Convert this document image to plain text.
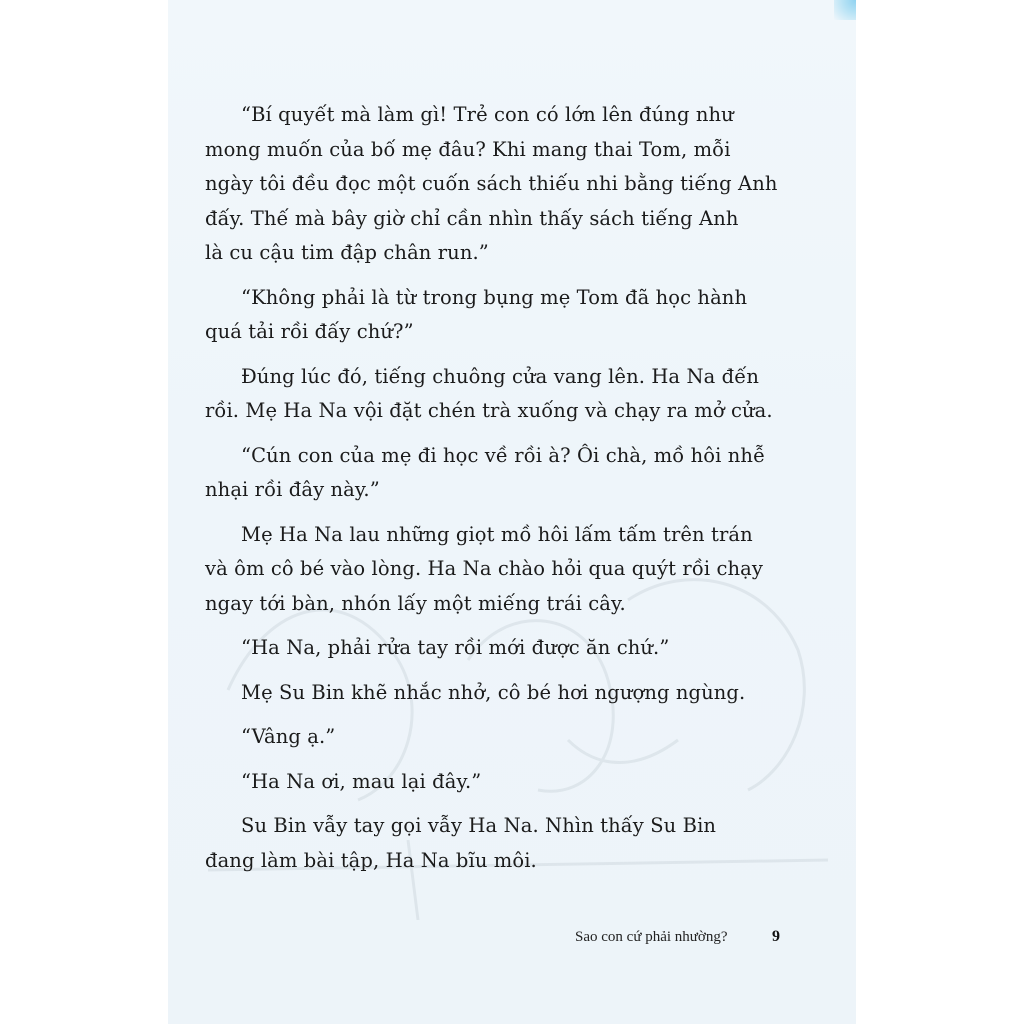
“Bí quyết mà làm gì! Trẻ con có lớn lên đúng như
mong muốn của bố mẹ đâu? Khi mang thai Tom, mỗi
ngày tôi đều đọc một cuốn sách thiếu nhi bằng tiếng Anh
đấy. Thế mà bây giờ chỉ cần nhìn thấy sách tiếng Anh
là cu cậu tim đập chân run.”

“Không phải là từ trong bụng mẹ Tom đã học hành
quá tải rồi đấy chứ?”

Đúng lúc đó, tiếng chuông cửa vang lên. Ha Na đến
rồi. Mẹ Ha Na vội đặt chén trà xuống và chạy ra mở cửa.

“Cún con của mẹ đi học về rồi à? Ôi chà, mồ hôi nhễ
nhại rồi đây này.”

Mẹ Ha Na lau những giọt mồ hôi lấm tấm trên trán
và ôm cô bé vào lòng. Ha Na chào hỏi qua quýt rồi chạy
ngay tới bàn, nhón lấy một miếng trái cây.

“Ha Na, phải rửa tay rồi mới được ăn chứ.”

Mẹ Su Bin khẽ nhắc nhở, cô bé hơi ngượng ngùng.

“Vâng ạ.”

“Ha Na ơi, mau lại đây.”

Su Bin vẫy tay gọi vẫy Ha Na. Nhìn thấy Su Bin
đang làm bài tập, Ha Na bĩu môi.

Sao con cứ phải nhường?	9
